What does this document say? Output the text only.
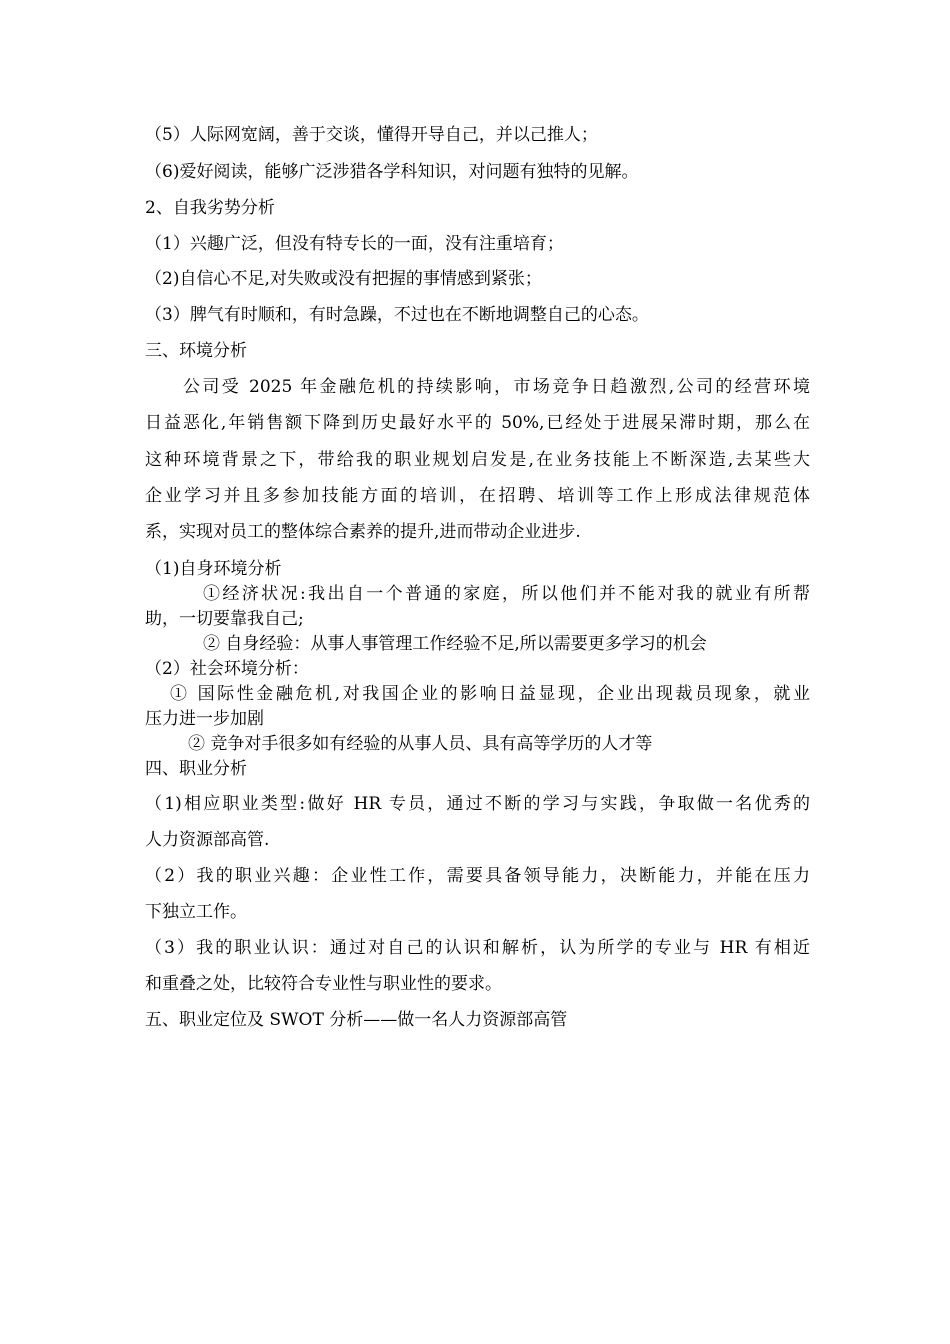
（5）人际网宽阔，善于交谈，懂得开导自己，并以己推人；
（6)爱好阅读，能够广泛涉猎各学科知识，对问题有独特的见解。
2、自我劣势分析
（1）兴趣广泛，但没有特专长的一面，没有注重培育；
（2)自信心不足,对失败或没有把握的事情感到紧张；
（3）脾气有时顺和，有时急躁，不过也在不断地调整自己的心态。
三、环境分析
公司受 2025 年金融危机的持续影响，市场竞争日趋激烈,公司的经营环境
日益恶化,年销售额下降到历史最好水平的 50%,已经处于进展呆滞时期，那么在
这种环境背景之下，带给我的职业规划启发是,在业务技能上不断深造,去某些大
企业学习并且多参加技能方面的培训，在招聘、培训等工作上形成法律规范体
系，实现对员工的整体综合素养的提升,进而带动企业进步.
（1)自身环境分析
①经济状况:我出自一个普通的家庭，所以他们并不能对我的就业有所帮
助，一切要靠我自己;
② 自身经验：从事人事管理工作经验不足,所以需要更多学习的机会
（2）社会环境分析：
① 国际性金融危机,对我国企业的影响日益显现，企业出现裁员现象，就业
压力进一步加剧
② 竞争对手很多如有经验的从事人员、具有高等学历的人才等
四、职业分析
（1)相应职业类型:做好 HR 专员，通过不断的学习与实践，争取做一名优秀的
人力资源部高管.
（2）我的职业兴趣：企业性工作，需要具备领导能力，决断能力，并能在压力
下独立工作。
（3）我的职业认识：通过对自己的认识和解析，认为所学的专业与 HR 有相近
和重叠之处，比较符合专业性与职业性的要求。
五、职业定位及 SWOT 分析——做一名人力资源部高管
